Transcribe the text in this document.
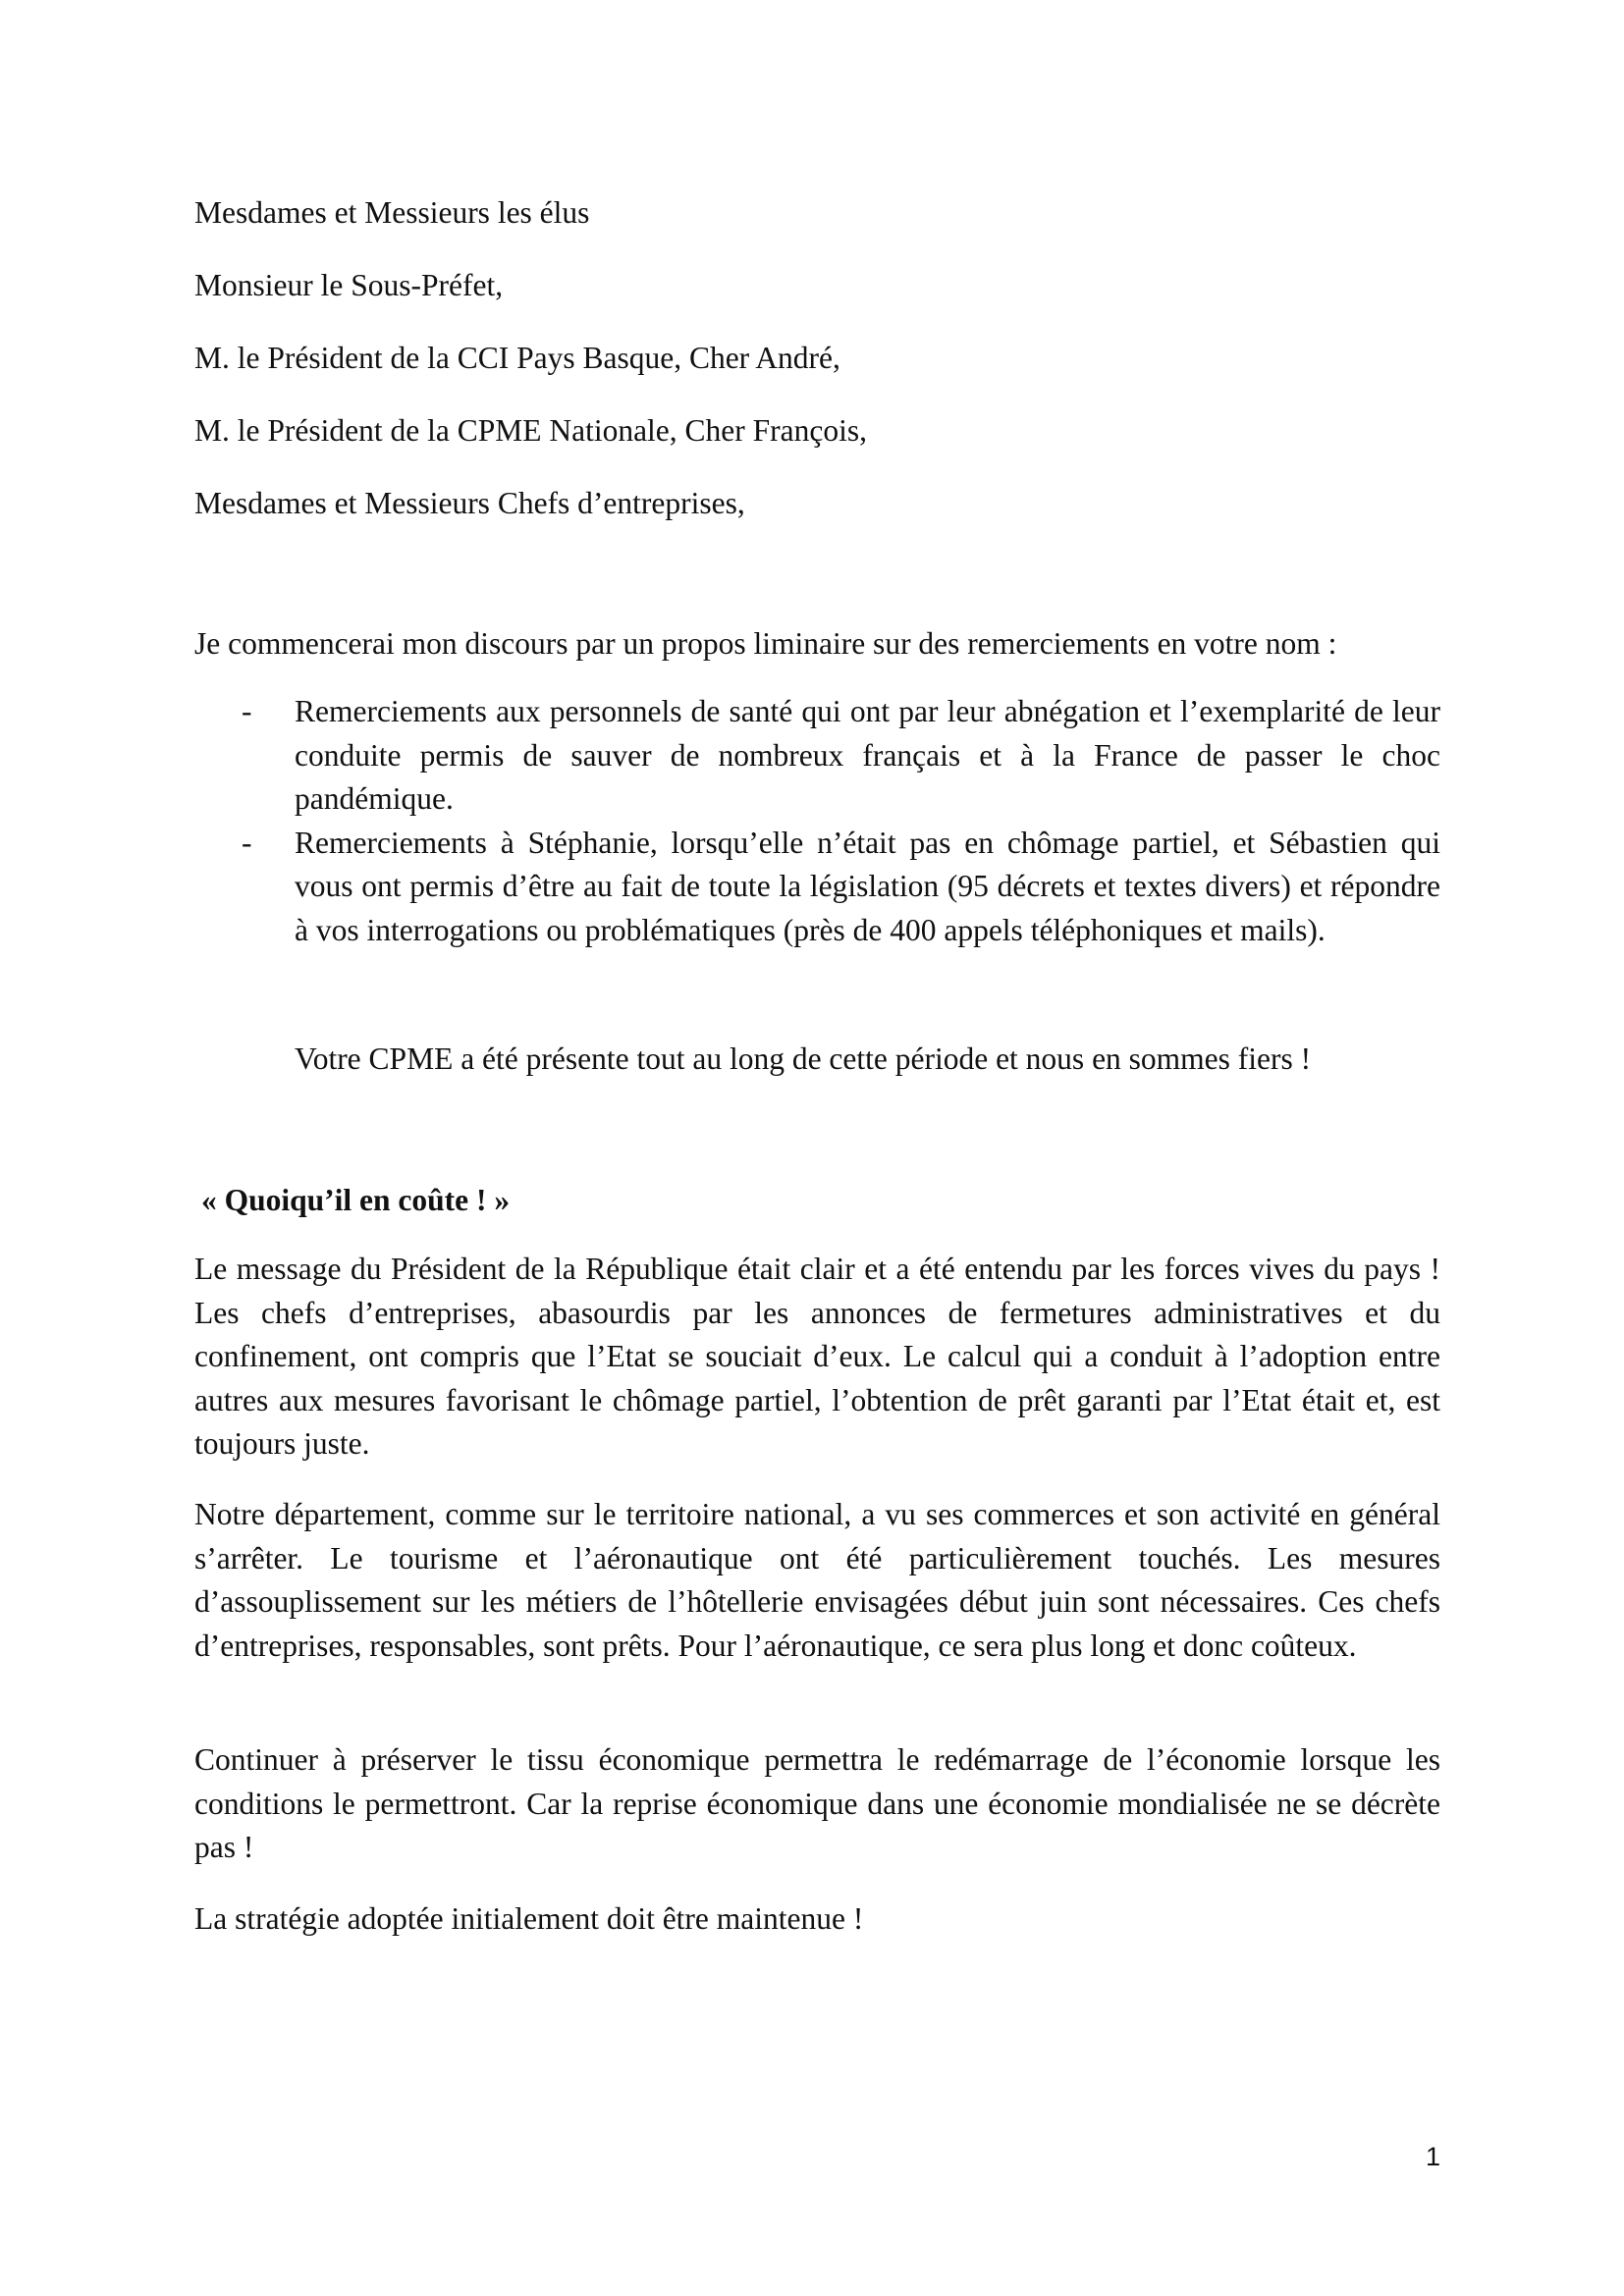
Mesdames et Messieurs les élus
Monsieur le Sous-Préfet,
M. le Président de la CCI Pays Basque, Cher André,
M. le Président de la CPME Nationale, Cher François,
Mesdames et Messieurs Chefs d’entreprises,

Je commencerai mon discours par un propos liminaire sur des remerciements en votre nom :

- Remerciements aux personnels de santé qui ont par leur abnégation et l’exemplarité de leur conduite permis de sauver de nombreux français et à la France de passer le choc pandémique.
- Remerciements à Stéphanie, lorsqu’elle n’était pas en chômage partiel, et Sébastien qui vous ont permis d’être au fait de toute la législation (95 décrets et textes divers) et répondre à vos interrogations ou problématiques (près de 400 appels téléphoniques et mails).
Votre CPME a été présente tout au long de cette période et nous en sommes fiers !
« Quoiqu’il en coûte ! »

Le message du Président de la République était clair et a été entendu par les forces vives du pays ! Les chefs d’entreprises, abasourdis par les annonces de fermetures administratives et du confinement, ont compris que l’Etat se souciait d’eux. Le calcul qui a conduit à l’adoption entre autres aux mesures favorisant le chômage partiel, l’obtention de prêt garanti par l’Etat était et, est toujours juste.

Notre département, comme sur le territoire national, a vu ses commerces et son activité en général s’arrêter. Le tourisme et l’aéronautique ont été particulièrement touchés. Les mesures d’assouplissement sur les métiers de l’hôtellerie envisagées début juin sont nécessaires. Ces chefs d’entreprises, responsables, sont prêts. Pour l’aéronautique, ce sera plus long et donc coûteux.

Continuer à préserver le tissu économique permettra le redémarrage de l’économie lorsque les conditions le permettront. Car la reprise économique dans une économie mondialisée ne se décrète pas !

La stratégie adoptée initialement doit être maintenue !

1
